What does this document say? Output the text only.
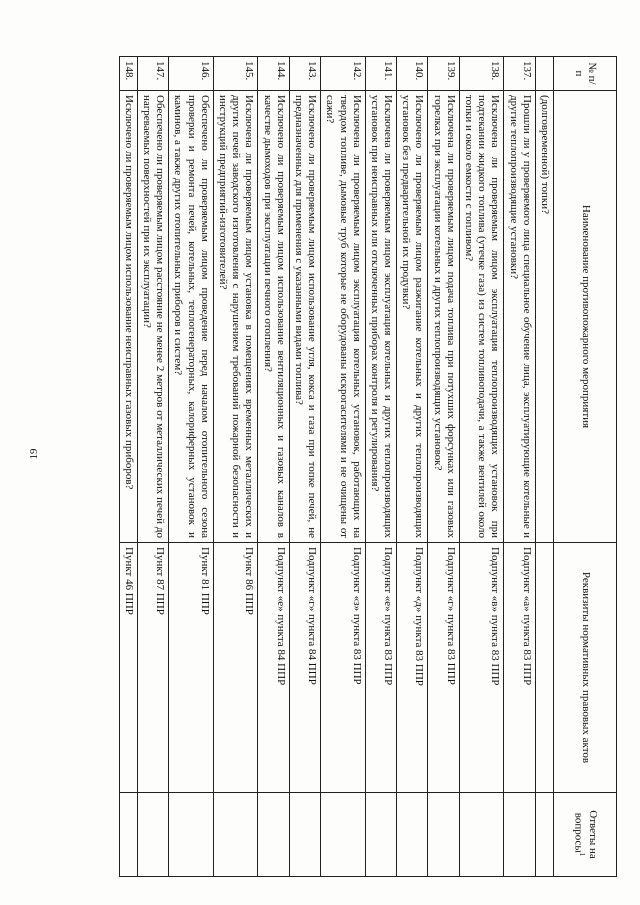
19
№ п/п	Наименование противопожарного мероприятия	Реквизиты нормативных правовых актов	Ответы на вопросы$^1$
	(долговременной) топки?		
137.	Прошли ли у проверяемого лица специальное обучение лица, эксплуатирующие котельные и другие теплопроизводящие установки?	Подпункт «а» пункта 83 ППР	
138.	Исключена ли проверяемым лицом эксплуатация теплопроизводящих установок при подтекании жидкого топлива (утечке газа) из систем топливоподачи, а также вентилей около топки и около емкости с топливом?	Подпункт «в» пункта 83 ППР	
139.	Исключена ли проверяемым лицом подача топлива при потухших форсунках или газовых горелках при эксплуатации котельных и других теплопроизводящих установок?	Подпункт «г» пункта 83 ППР	
140.	Исключено ли проверяемым лицом разжигание котельных и других теплопроизводящих установок без предварительной их продувки?	Подпункт «д» пункта 83 ППР	
141.	Исключена ли проверяемым лицом эксплуатация котельных и других теплопроизводящих установок при неисправных или отключенных приборах контроля и регулирования?	Подпункт «е» пункта 83 ППР	
142.	Исключена ли проверяемым лицом эксплуатация котельных установок, работающих на твердом топливе, дымовые труб которые не оборудованы искрогасителями и не очищены от сажи?	Подпункт «з» пункта 83 ППР	
143.	Исключено ли проверяемым лицом использование угля, кокса и газа при топке печей, не предназначенных для применения с указанными видами топлива?	Подпункт «г» пункта 84 ППР	
144.	Исключено ли проверяемым лицом использование вентиляционных и газовых каналов в качестве дымоходов при эксплуатации печного отопления?	Подпункт «е» пункта 84 ППР	
145.	Исключена ли проверяемым лицом установка в помещениях временных металлических и других печей заводского изготовления с нарушением требований пожарной безопасности и инструкций предприятий-изготовителей?	Пункт 86 ППР	
146.	Обеспечено ли проверяемым лицом проведение перед началом отопительного сезона проверки и ремонта печей, котельных, теплогенераторных, калориферных установок и каминов, а также других отопительных приборов и систем?	Пункт 81 ППР	
147.	Обеспечено ли проверяемым лицом расстояние не менее 2 метров от металлических печей до нагреваемых поверхностей при их эксплуатации?	Пункт 87 ППР	
148.	Исключено ли проверяемым лицом использование неисправных газовых приборов?	Пункт 46 ППР	
